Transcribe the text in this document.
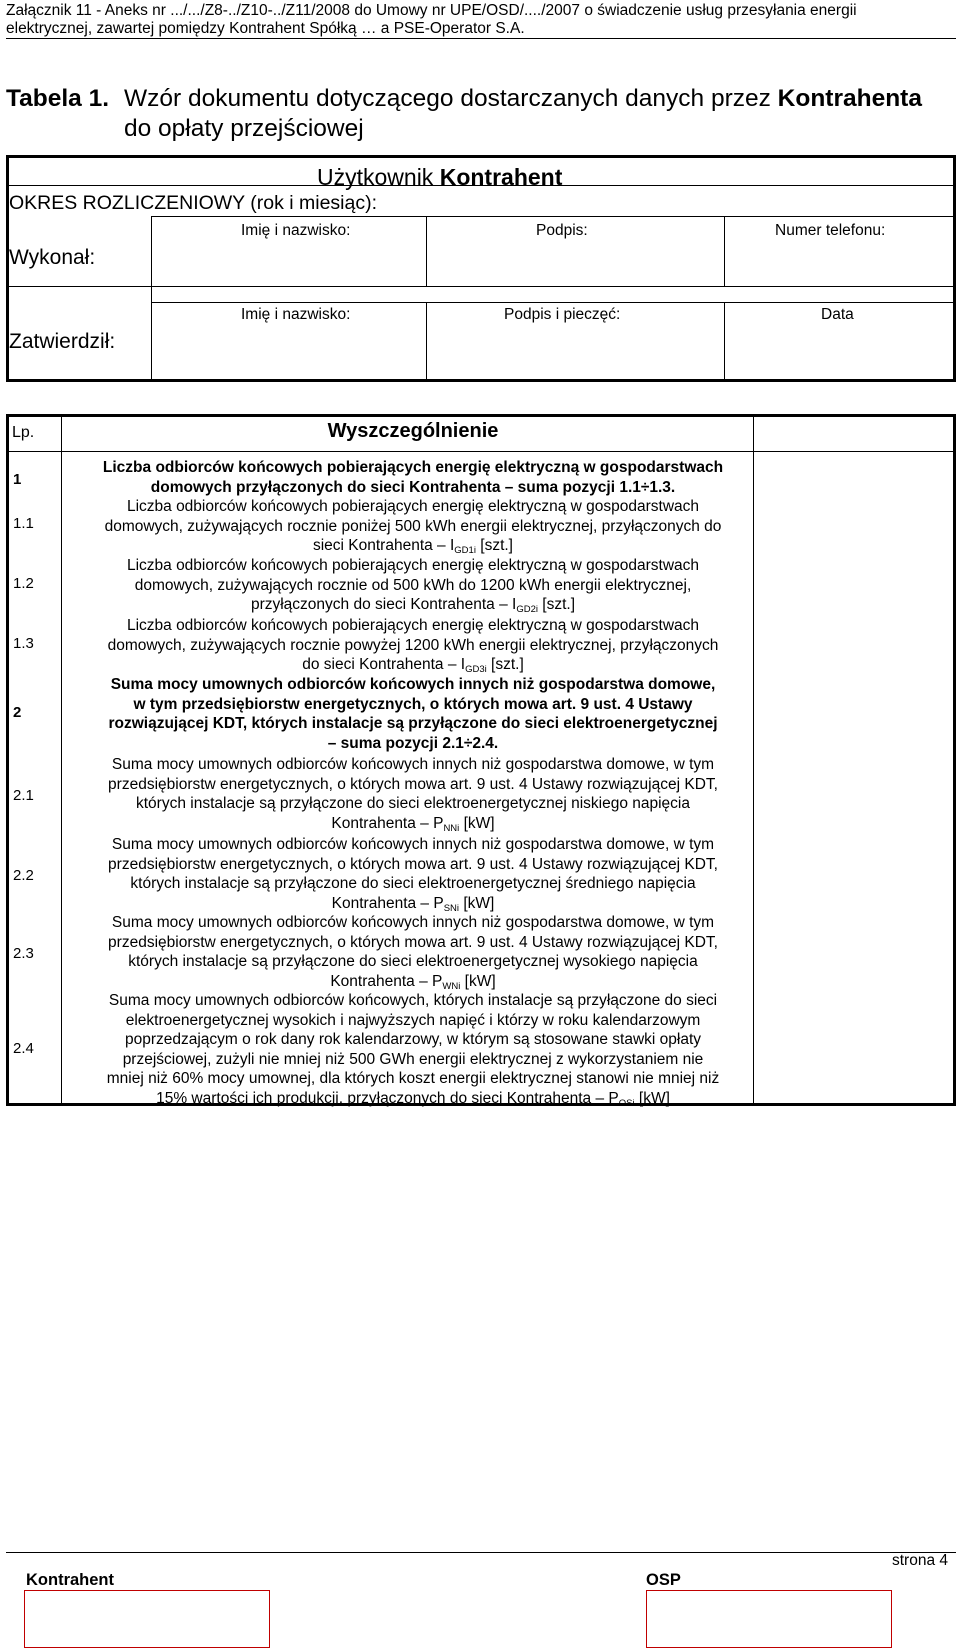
Załącznik 11 - Aneks nr .../.../Z8-../Z10-../Z11/2008 do Umowy nr UPE/OSD/..../2007 o świadczenie usług przesyłania energii
elektrycznej, zawartej pomiędzy Kontrahent Spółką … a PSE-Operator S.A.
Tabela 1. Wzór dokumentu dotyczącego dostarczanych danych przez Kontrahenta
do opłaty przejściowej
Użytkownik Kontrahent
OKRES ROZLICZENIOWY (rok i miesiąc):
Wykonał:
Imię i nazwisko:	Podpis:	Numer telefonu:
Zatwierdził:
Imię i nazwisko:	Podpis i pieczęć:	Data
Lp.	Wyszczególnienie
1
Liczba odbiorców końcowych pobierających energię elektryczną w gospodarstwach
domowych przyłączonych do sieci Kontrahenta – suma pozycji 1.1÷1.3.
1.1
Liczba odbiorców końcowych pobierających energię elektryczną w gospodarstwach
domowych, zużywających rocznie poniżej 500 kWh energii elektrycznej, przyłączonych do
sieci Kontrahenta – $I_{GD1i}$ [szt.]
1.2
Liczba odbiorców końcowych pobierających energię elektryczną w gospodarstwach
domowych, zużywających rocznie od 500 kWh do 1200 kWh energii elektrycznej,
przyłączonych do sieci Kontrahenta – $I_{GD2i}$ [szt.]
1.3
Liczba odbiorców końcowych pobierających energię elektryczną w gospodarstwach
domowych, zużywających rocznie powyżej 1200 kWh energii elektrycznej, przyłączonych
do sieci Kontrahenta – $I_{GD3i}$ [szt.]
2
Suma mocy umownych odbiorców końcowych innych niż gospodarstwa domowe,
w tym przedsiębiorstw energetycznych, o których mowa art. 9 ust. 4 Ustawy
rozwiązującej KDT, których instalacje są przyłączone do sieci elektroenergetycznej
– suma pozycji 2.1÷2.4.
2.1
Suma mocy umownych odbiorców końcowych innych niż gospodarstwa domowe, w tym
przedsiębiorstw energetycznych, o których mowa art. 9 ust. 4 Ustawy rozwiązującej KDT,
których instalacje są przyłączone do sieci elektroenergetycznej niskiego napięcia
Kontrahenta – $P_{NNi}$ [kW]
2.2
Suma mocy umownych odbiorców końcowych innych niż gospodarstwa domowe, w tym
przedsiębiorstw energetycznych, o których mowa art. 9 ust. 4 Ustawy rozwiązującej KDT,
których instalacje są przyłączone do sieci elektroenergetycznej średniego napięcia
Kontrahenta – $P_{SNi}$ [kW]
2.3
Suma mocy umownych odbiorców końcowych innych niż gospodarstwa domowe, w tym
przedsiębiorstw energetycznych, o których mowa art. 9 ust. 4 Ustawy rozwiązującej KDT,
których instalacje są przyłączone do sieci elektroenergetycznej wysokiego napięcia
Kontrahenta – $P_{WNi}$ [kW]
2.4
Suma mocy umownych odbiorców końcowych, których instalacje są przyłączone do sieci
elektroenergetycznej wysokich i najwyższych napięć i którzy w roku kalendarzowym
poprzedzającym o rok dany rok kalendarzowy, w którym są stosowane stawki opłaty
przejściowej, zużyli nie mniej niż 500 GWh energii elektrycznej z wykorzystaniem nie
mniej niż 60% mocy umownej, dla których koszt energii elektrycznej stanowi nie mniej niż
15% wartości ich produkcji, przyłączonych do sieci Kontrahenta – $P_{OSi}$ [kW]
strona 4
Kontrahent	OSP
